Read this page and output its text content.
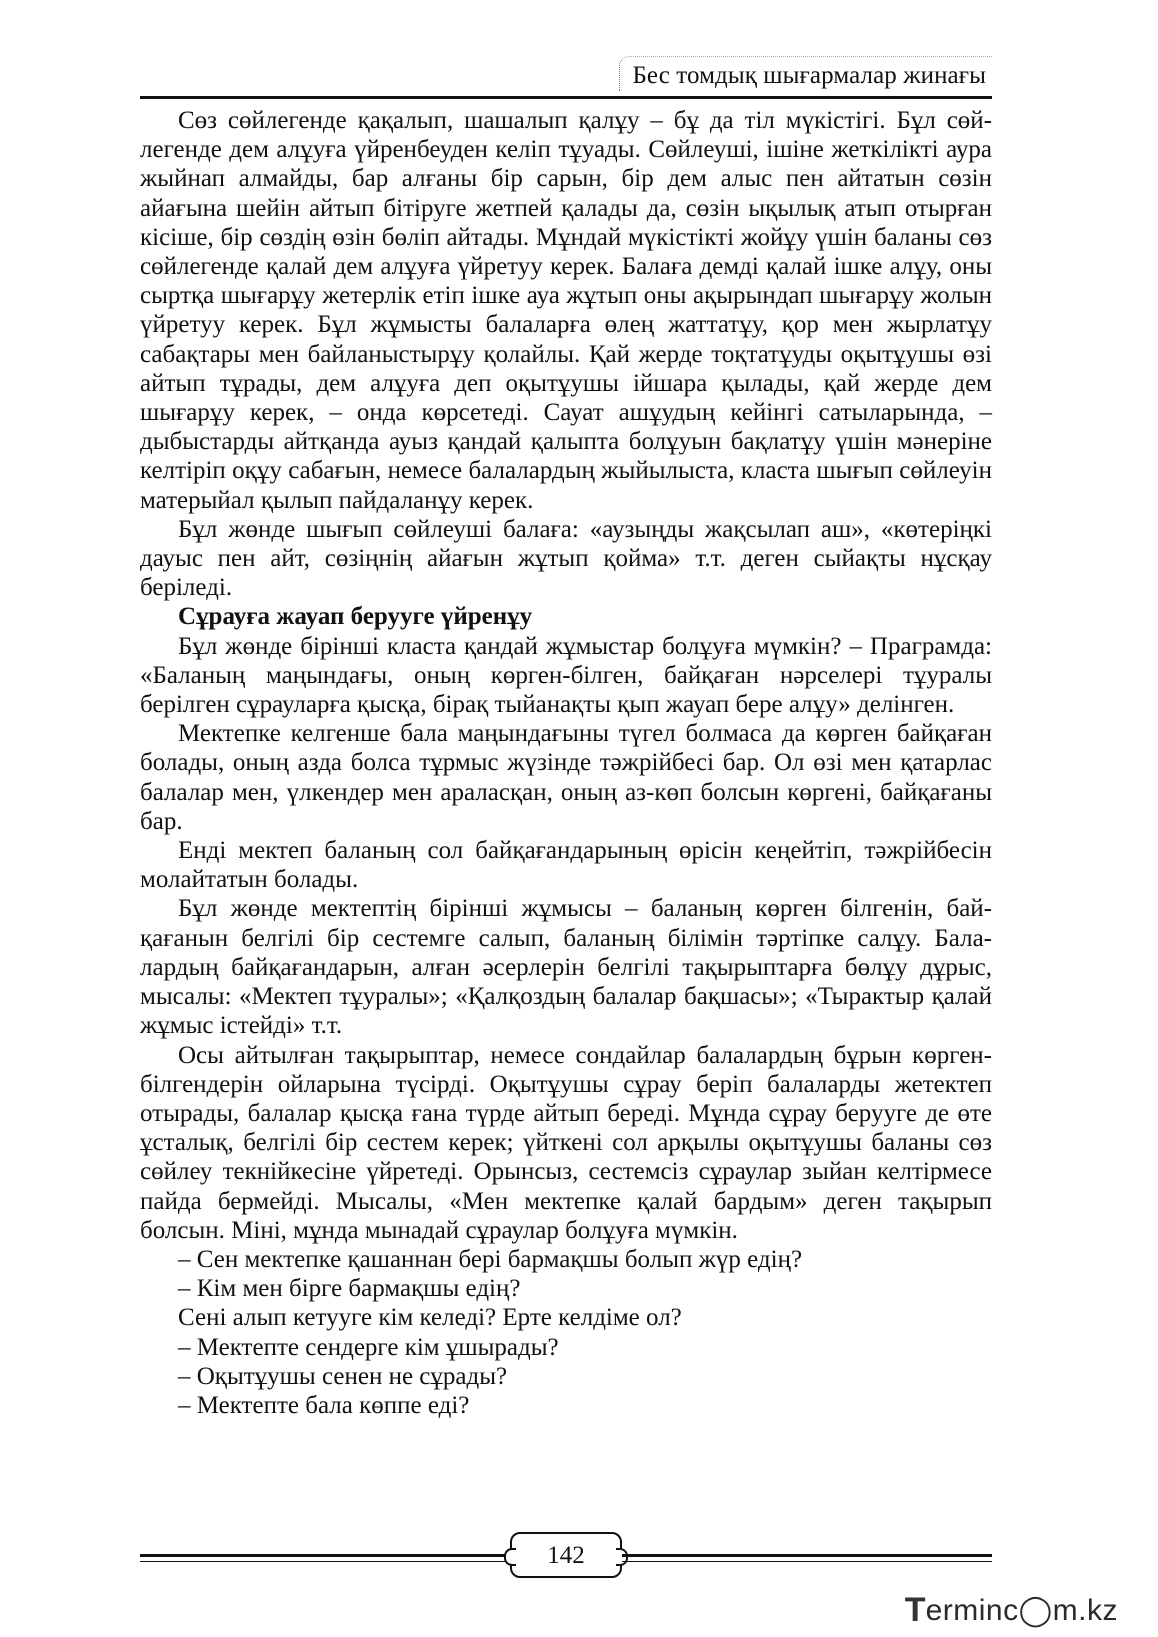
Бес томдық шығармалар жинағы

Сөз сөйлегенде қақалып, шашалып қалұу – бұ да тіл мүкістігі. Бұл сөйлегенде дем алұуға үйренбеуден келіп тұуады. Сөйлеуші, ішіне жеткілікті аура жыйнап алмайды, бар алғаны бір сарын, бір дем алыс пен айтатын сөзін айағына шейін айтып бітіруге жетпей қалады да, сөзін ықылық атып отырған кісіше, бір сөздің өзін бөліп айтады. Мұндай мүкістікті жойұу үшін баланы сөз сөйлегенде қалай дем алұуға үйретуу керек. Балаға демді қалай ішке алұу, оны сыртқа шығарұу жетерлік етіп ішке ауа жұтып оны ақырындап шығарұу жолын үйретуу керек. Бұл жұмысты балаларға өлең жаттатұу, қор мен жырлатұу сабақтары мен байланыстырұу қолайлы. Қай жерде тоқтатұуды оқытұушы өзі айтып тұрады, дем алұуға деп оқытұушы ійшара қылады, қай жерде дем шығарұу керек, – онда көрсетеді. Сауат ашұудың кейінгі сатыларында, – дыбыстарды айтқанда ауыз қандай қалыпта болұуын бақлатұу үшін мәнеріне келтіріп оқұу сабағын, немесе балалардың жыйылыста, класта шығып сөйлеуін матерыйал қылып пайдаланұу керек.

Бұл жөнде шығып сөйлеуші балаға: «аузыңды жақсылап аш», «көтеріңкі дауыс пен айт, сөзіңнің айағын жұтып қойма» т.т. деген сыйақты нұсқау беріледі.

Сұрауға жауап берууге үйренұу

Бұл жөнде бірінші класта қандай жұмыстар болұуға мүмкін? – Праграмда: «Баланың маңындағы, оның көрген-білген, байқаған нәрселері тұуралы берілген сұрауларға қысқа, бірақ тыйанақты қып жауап бере алұу» делінген.

Мектепке келгенше бала маңындағыны түгел болмаса да көрген байқаған болады, оның азда болса тұрмыс жүзінде тәжрійбесі бар. Ол өзі мен қатарлас балалар мен, үлкендер мен араласқан, оның аз-көп болсын көргені, байқағаны бар.

Енді мектеп баланың сол байқағандарының өрісін кеңейтіп, тәжрійбесін молайтатын болады.

Бұл жөнде мектептің бірінші жұмысы – баланың көрген білгенін, байқағанын белгілі бір сестемге салып, баланың білімін тәртіпке салұу. Балалардың байқағандарын, алған әсерлерін белгілі тақырыптарға бөлұу дұрыс, мысалы: «Мектеп тұуралы»; «Қалқоздың балалар бақшасы»; «Тырактыр қалай жұмыс істейді» т.т.

Осы айтылған тақырыптар, немесе сондайлар балалардың бұрын көрген-білгендерін ойларына түсірді. Оқытұушы сұрау беріп балаларды жетектеп отырады, балалар қысқа ғана түрде айтып береді. Мұнда сұрау берууге де өте ұсталық, белгілі бір сестем керек; үйткені сол арқылы оқытұушы баланы сөз сөйлеу текнійкесіне үйретеді. Орынсыз, сестемсіз сұраулар зыйан келтірмесе пайда бермейді. Мысалы, «Мен мектепке қалай бардым» деген тақырып болсын. Міні, мұнда мынадай сұраулар болұуға мүмкін.

– Сен мектепке қашаннан бері бармақшы болып жүр едің?

– Кім мен бірге бармақшы едің?

Сені алып кетууге кім келеді? Ерте келдіме ол?

– Мектепте сендерге кім ұшырады?

– Оқытұушы сенен не сұрады?

– Мектепте бала көппе еді?

142
T erminc◯m.kz
